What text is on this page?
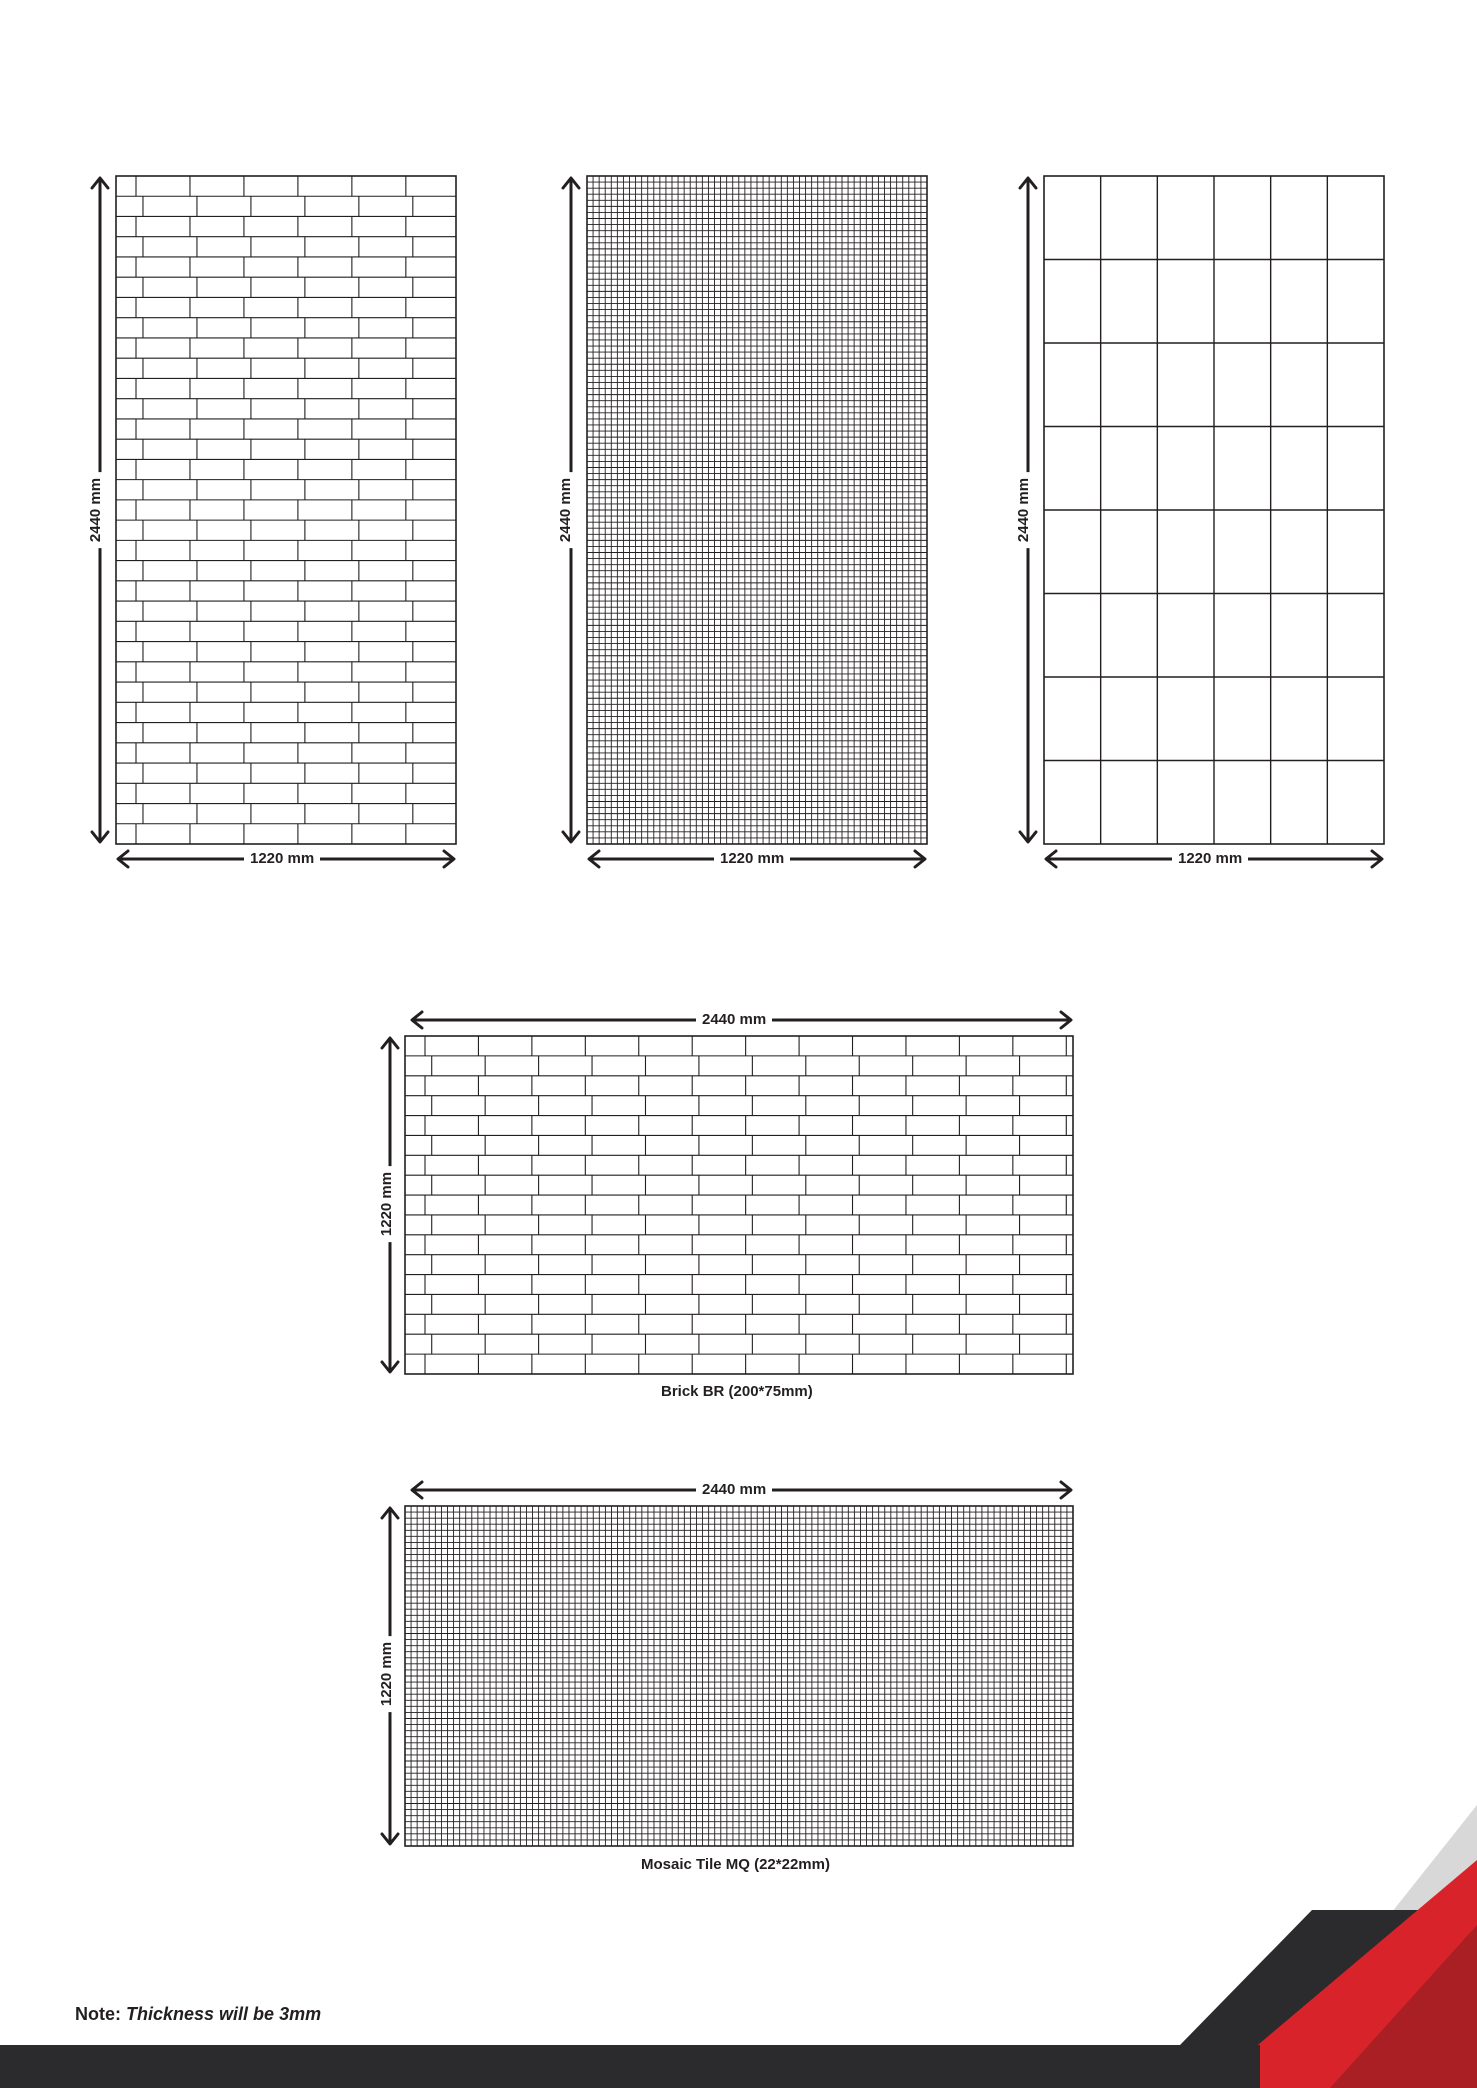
2440 mm
1220 mm
2440 mm
1220 mm
2440 mm
1220 mm
2440 mm
1220 mm
Brick BR (200*75mm)
2440 mm
1220 mm
Mosaic Tile MQ (22*22mm)
Note: Thickness will be 3mm
